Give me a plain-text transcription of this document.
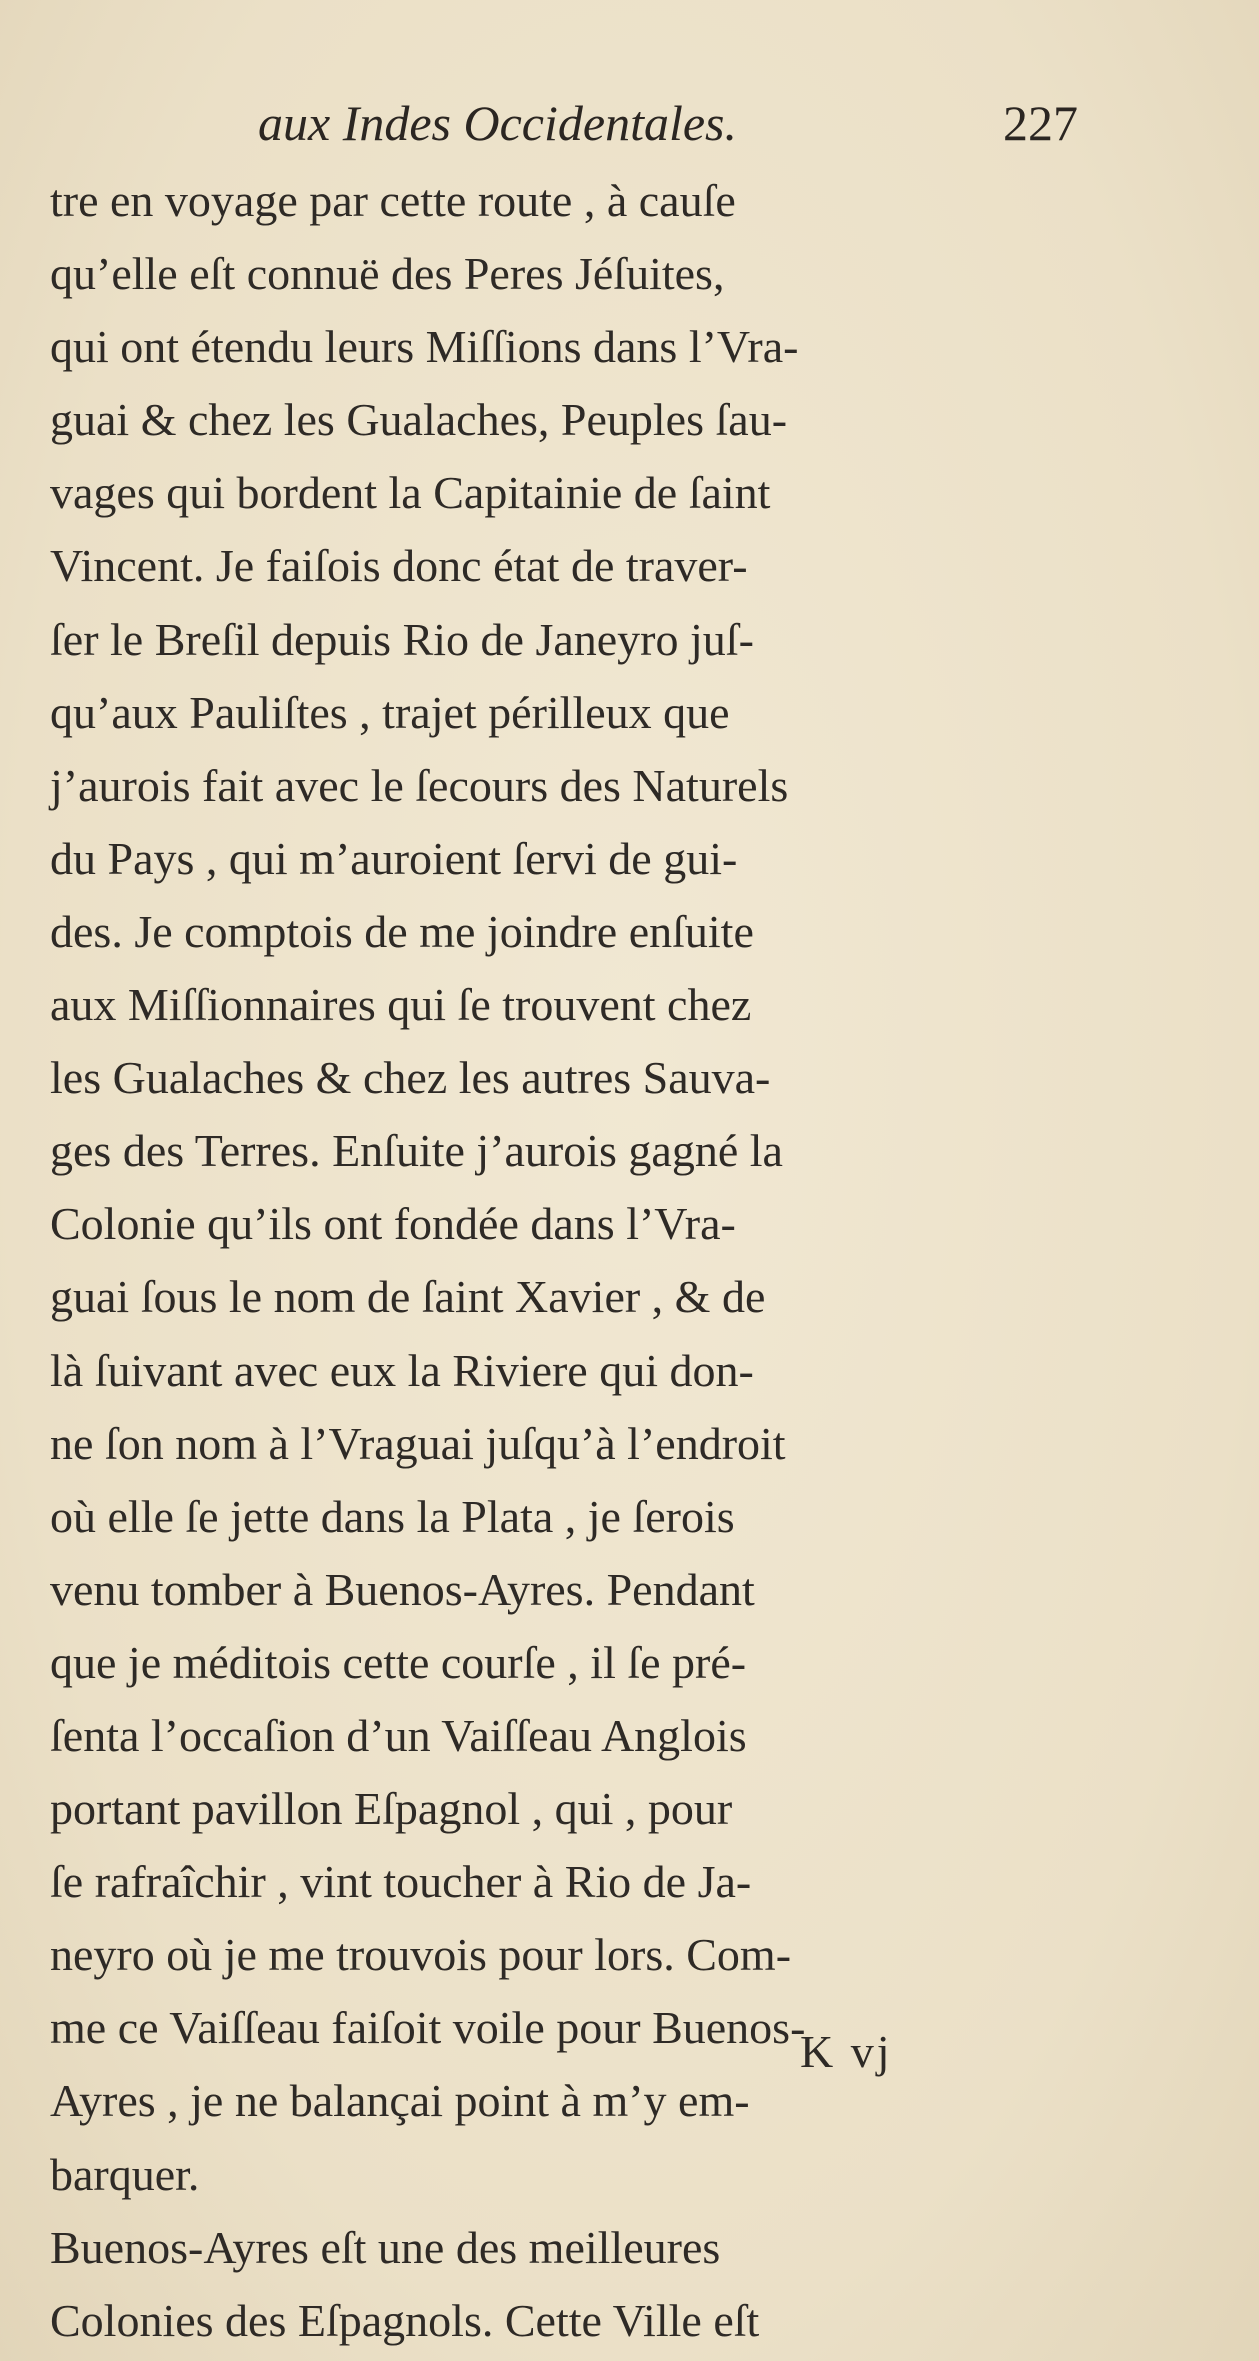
aux Indes Occidentales.	227
tre en voyage par cette route , à cauſe
qu’elle eſt connuë des Peres Jéſuites,
qui ont étendu leurs Miſſions dans l’Vra-
guai & chez les Gualaches, Peuples ſau-
vages qui bordent la Capitainie de ſaint
Vincent. Je faiſois donc état de traver-
ſer le Breſil depuis Rio de Janeyro juſ-
qu’aux Pauliſtes , trajet périlleux que
j’aurois fait avec le ſecours des Naturels
du Pays , qui m’auroient ſervi de gui-
des. Je comptois de me joindre enſuite
aux Miſſionnaires qui ſe trouvent chez
les Gualaches & chez les autres Sauva-
ges des Terres. Enſuite j’aurois gagné la
Colonie qu’ils ont fondée dans l’Vra-
guai ſous le nom de ſaint Xavier , & de
là ſuivant avec eux la Riviere qui don-
ne ſon nom à l’Vraguai juſqu’à l’endroit
où elle ſe jette dans la Plata , je ſerois
venu tomber à Buenos-Ayres. Pendant
que je méditois cette courſe , il ſe pré-
ſenta l’occaſion d’un Vaiſſeau Anglois
portant pavillon Eſpagnol , qui , pour
ſe rafraîchir , vint toucher à Rio de Ja-
neyro où je me trouvois pour lors. Com-
me ce Vaiſſeau faiſoit voile pour Buenos-
Ayres , je ne balançai point à m’y em-
barquer.
Buenos-Ayres eſt une des meilleures
Colonies des Eſpagnols. Cette Ville eſt
K vj
